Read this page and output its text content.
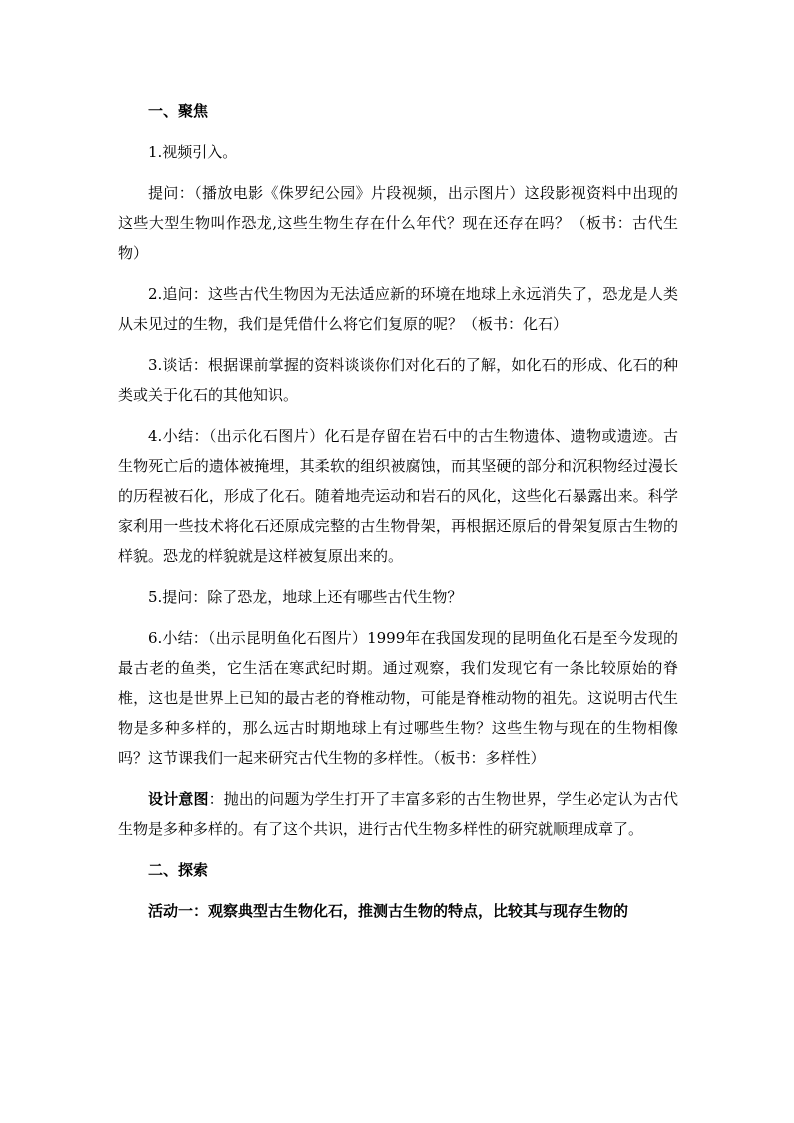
一、聚焦

1.视频引入。

提问：（播放电影《侏罗纪公园》片段视频，出示图片）这段影视资料中出现的这些大型生物叫作恐龙,这些生物生存在什么年代？现在还存在吗？（板书：古代生物）

2.追问：这些古代生物因为无法适应新的环境在地球上永远消失了，恐龙是人类从未见过的生物，我们是凭借什么将它们复原的呢？（板书：化石）

3.谈话：根据课前掌握的资料谈谈你们对化石的了解，如化石的形成、化石的种类或关于化石的其他知识。

4.小结：（出示化石图片）化石是存留在岩石中的古生物遗体、遗物或遗迹。古生物死亡后的遗体被掩埋，其柔软的组织被腐蚀，而其坚硬的部分和沉积物经过漫长的历程被石化，形成了化石。随着地壳运动和岩石的风化，这些化石暴露出来。科学家利用一些技术将化石还原成完整的古生物骨架，再根据还原后的骨架复原古生物的样貌。恐龙的样貌就是这样被复原出来的。

5.提问：除了恐龙，地球上还有哪些古代生物？

6.小结：（出示昆明鱼化石图片）1999年在我国发现的昆明鱼化石是至今发现的最古老的鱼类，它生活在寒武纪时期。通过观察，我们发现它有一条比较原始的脊椎，这也是世界上已知的最古老的脊椎动物，可能是脊椎动物的祖先。这说明古代生物是多种多样的，那么远古时期地球上有过哪些生物？这些生物与现在的生物相像吗？这节课我们一起来研究古代生物的多样性。（板书：多样性）

设计意图：抛出的问题为学生打开了丰富多彩的古生物世界，学生必定认为古代生物是多种多样的。有了这个共识，进行古代生物多样性的研究就顺理成章了。

二、探索

活动一：观察典型古生物化石，推测古生物的特点，比较其与现存生物的
